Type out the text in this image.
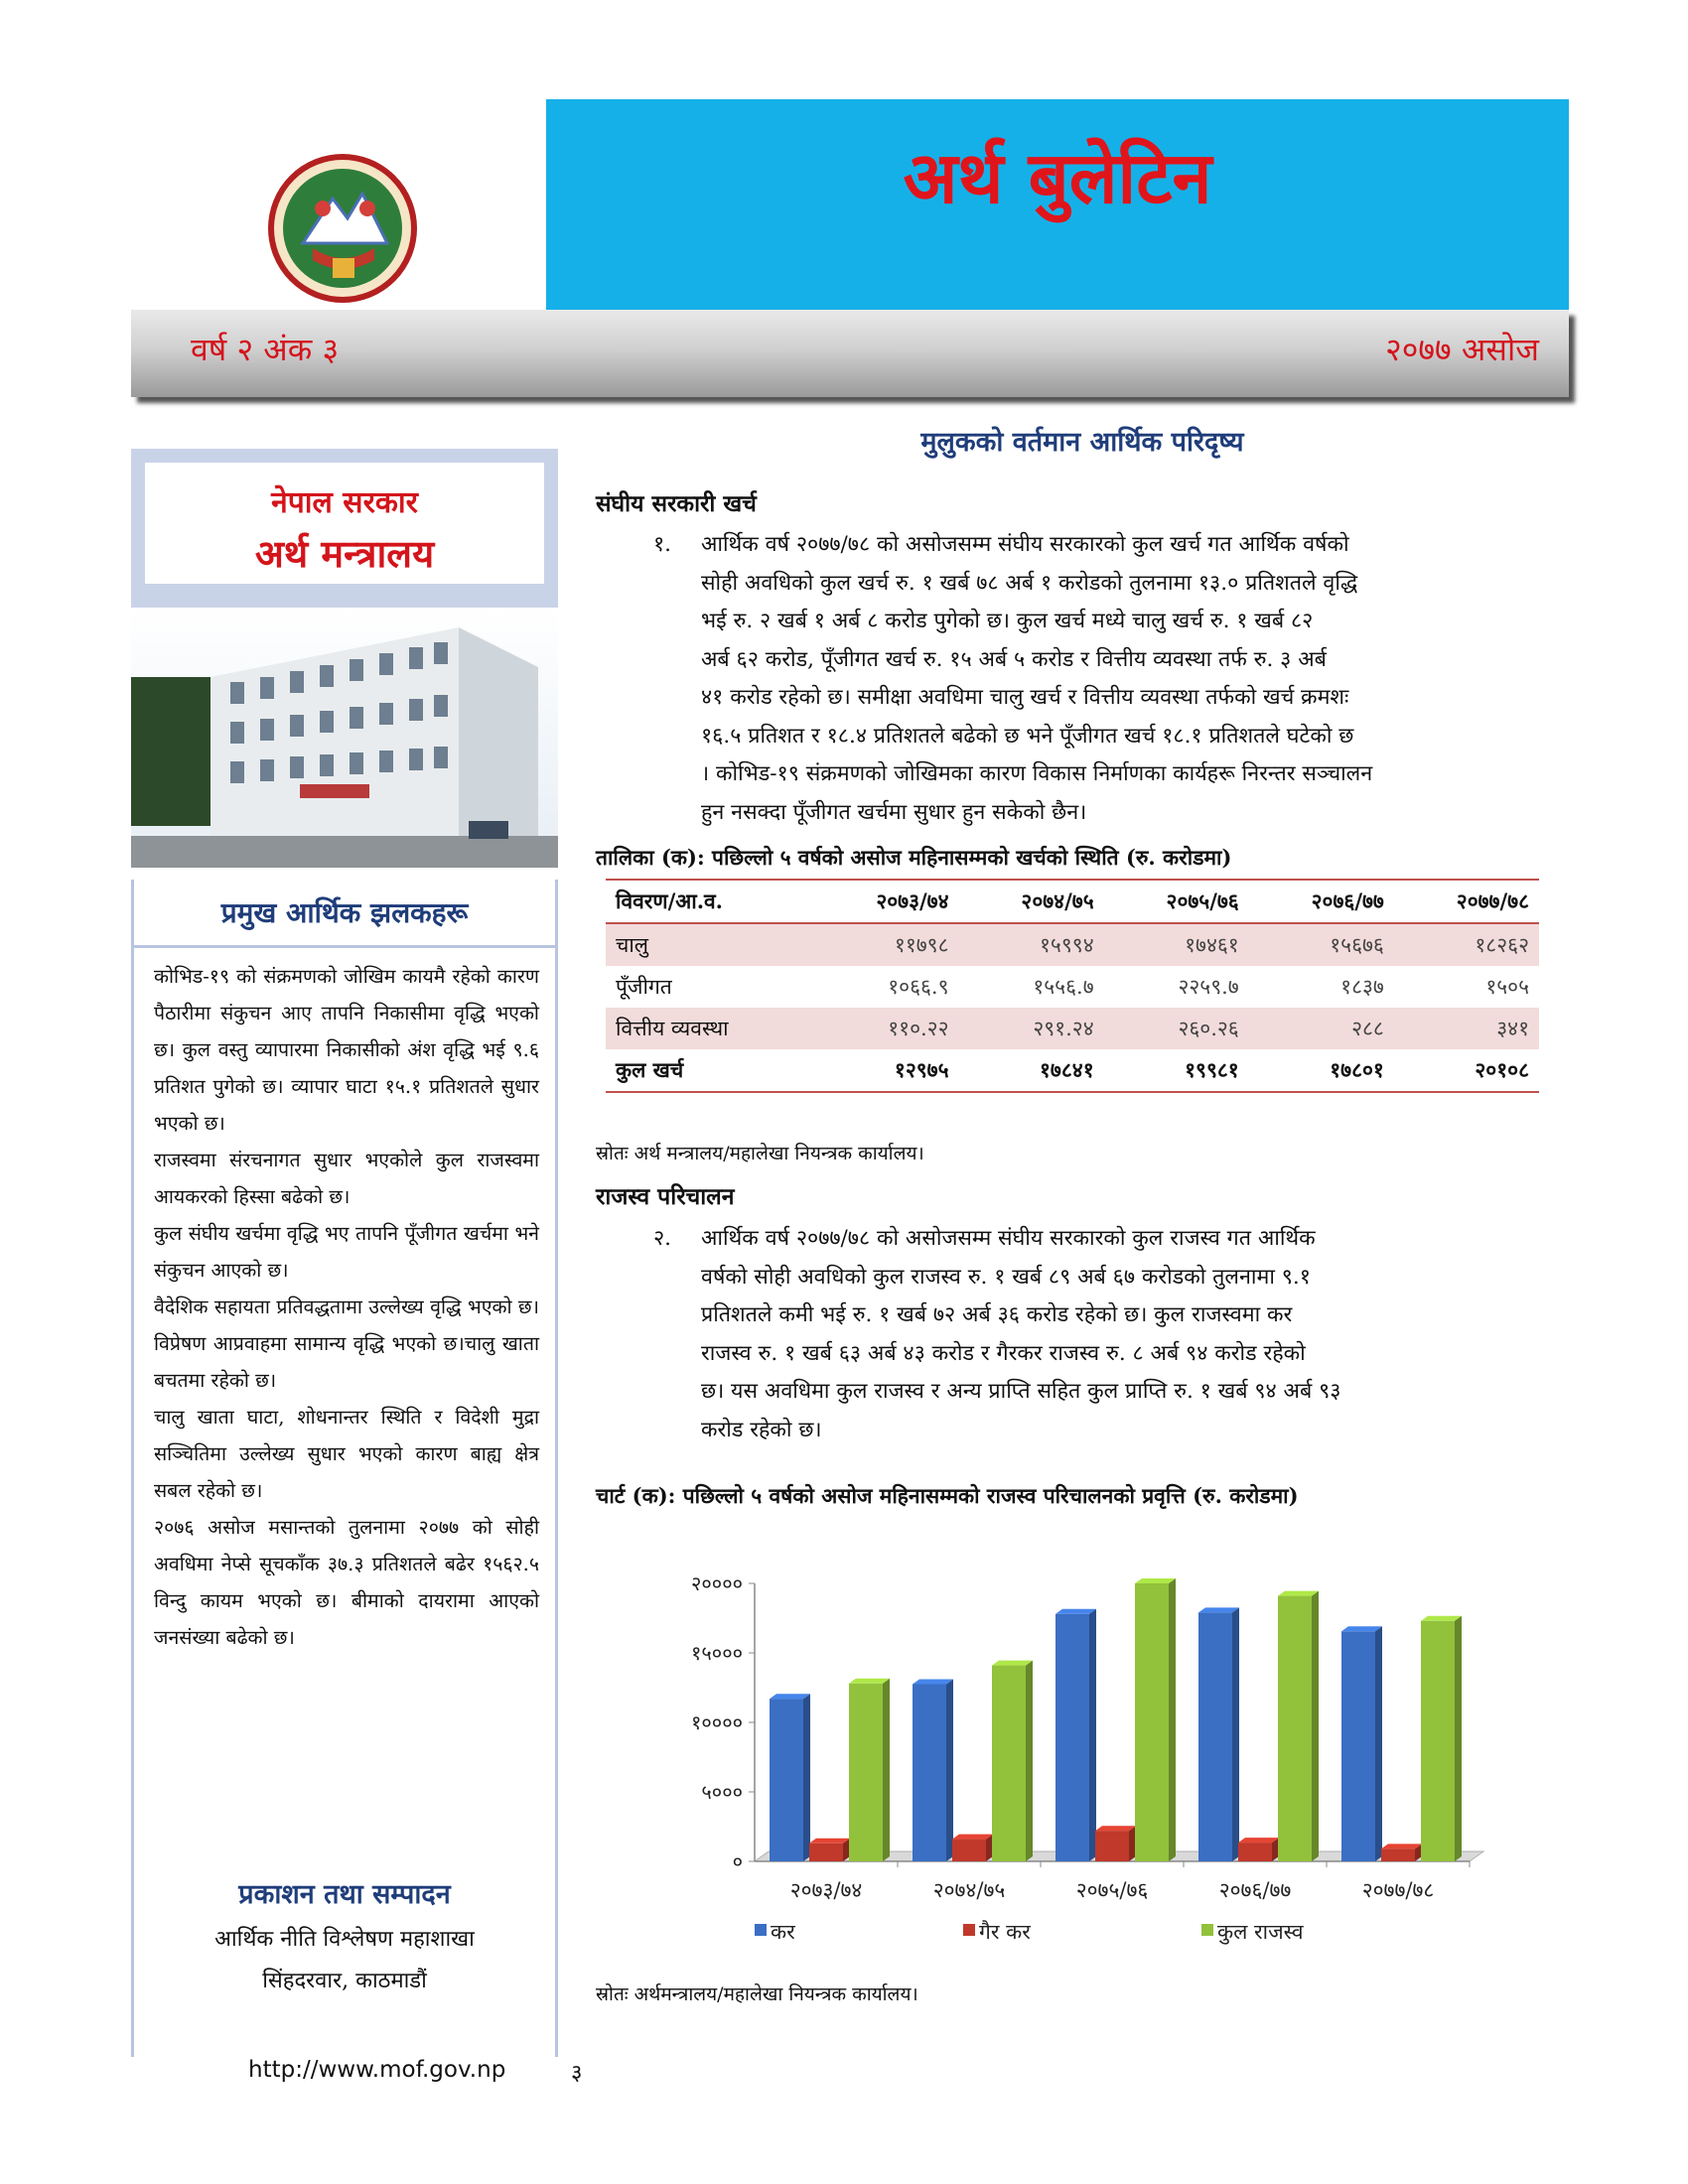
अर्थ बुलेटिन
वर्ष २ अंक ३	२०७७ असोज
नेपाल सरकार
अर्थ मन्त्रालय
प्रमुख आर्थिक झलकहरू

कोभिड-१९ को संक्रमणको जोखिम कायमै रहेको कारण पैठारीमा संकुचन आए तापनि निकासीमा वृद्धि भएको छ। कुल वस्तु व्यापारमा निकासीको अंश वृद्धि भई ९.६ प्रतिशत पुगेको छ। व्यापार घाटा १५.१ प्रतिशतले सुधार भएको छ।

राजस्वमा संरचनागत सुधार भएकोले कुल राजस्वमा आयकरको हिस्सा बढेको छ।

कुल संघीय खर्चमा वृद्धि भए तापनि पूँजीगत खर्चमा भने संकुचन आएको छ।

वैदेशिक सहायता प्रतिवद्धतामा उल्लेख्य वृद्धि भएको छ। विप्रेषण आप्रवाहमा सामान्य वृद्धि भएको छ।चालु खाता बचतमा रहेको छ।

चालु खाता घाटा, शोधनान्तर स्थिति र विदेशी मुद्रा सञ्चितिमा उल्लेख्य सुधार भएको कारण बाह्य क्षेत्र सबल रहेको छ।

२०७६ असोज मसान्तको तुलनामा २०७७ को सोही अवधिमा नेप्से सूचकाँक ३७.३ प्रतिशतले बढेर १५६२.५ विन्दु कायम भएको छ। बीमाको दायरामा आएको जनसंख्या बढेको छ।

प्रकाशन तथा सम्पादन
आर्थिक नीति विश्लेषण महाशाखा
सिंहदरवार, काठमाडौं
http://www.mof.gov.np	३
मुलुकको वर्तमान आर्थिक परिदृष्य
संघीय सरकारी खर्च
१. आर्थिक वर्ष २०७७/७८ को असोजसम्म संघीय सरकारको कुल खर्च गत आर्थिक वर्षको
सोही अवधिको कुल खर्च रु. १ खर्ब ७८ अर्ब १ करोडको तुलनामा १३.० प्रतिशतले वृद्धि
भई रु. २ खर्ब १ अर्ब ८ करोड पुगेको छ। कुल खर्च मध्ये चालु खर्च रु. १ खर्ब ८२
अर्ब ६२ करोड, पूँजीगत खर्च रु. १५ अर्ब ५ करोड र वित्तीय व्यवस्था तर्फ रु. ३ अर्ब
४१ करोड रहेको छ। समीक्षा अवधिमा चालु खर्च र वित्तीय व्यवस्था तर्फको खर्च क्रमशः
१६.५ प्रतिशत र १८.४ प्रतिशतले बढेको छ भने पूँजीगत खर्च १८.१ प्रतिशतले घटेको छ
। कोभिड-१९ संक्रमणको जोखिमका कारण विकास निर्माणका कार्यहरू निरन्तर सञ्चालन
हुन नसक्दा पूँजीगत खर्चमा सुधार हुन सकेको छैन।
तालिका (क): पछिल्लो ५ वर्षको असोज महिनासम्मको खर्चको स्थिति (रु. करोडमा)
विवरण/आ.व.	२०७३/७४	२०७४/७५	२०७५/७६	२०७६/७७	२०७७/७८
चालु	११७९८	१५९९४	१७४६१	१५६७६	१८२६२
पूँजीगत	१०६६.९	१५५६.७	२२५९.७	१८३७	१५०५
वित्तीय व्यवस्था	११०.२२	२९१.२४	२६०.२६	२८८	३४१
कुल खर्च	१२९७५	१७८४१	१९९८१	१७८०१	२०१०८
स्रोतः अर्थ मन्त्रालय/महालेखा नियन्त्रक कार्यालय।
राजस्व परिचालन
२. आर्थिक वर्ष २०७७/७८ को असोजसम्म संघीय सरकारको कुल राजस्व गत आर्थिक
वर्षको सोही अवधिको कुल राजस्व रु. १ खर्ब ८९ अर्ब ६७ करोडको तुलनामा ९.१
प्रतिशतले कमी भई रु. १ खर्ब ७२ अर्ब ३६ करोड रहेको छ। कुल राजस्वमा कर
राजस्व रु. १ खर्ब ६३ अर्ब ४३ करोड र गैरकर राजस्व रु. ८ अर्ब ९४ करोड रहेको
छ। यस अवधिमा कुल राजस्व र अन्य प्राप्ति सहित कुल प्राप्ति रु. १ खर्ब ९४ अर्ब ९३
करोड रहेको छ।
चार्ट (क): पछिल्लो ५ वर्षको असोज महिनासम्मको राजस्व परिचालनको प्रवृत्ति (रु. करोडमा)
०
५०००
१००००
१५०००
२००००
२०७३/७४	२०७४/७५	२०७५/७६	२०७६/७७	२०७७/७८
कर	गैर कर	कुल राजस्व
स्रोतः अर्थमन्त्रालय/महालेखा नियन्त्रक कार्यालय।
